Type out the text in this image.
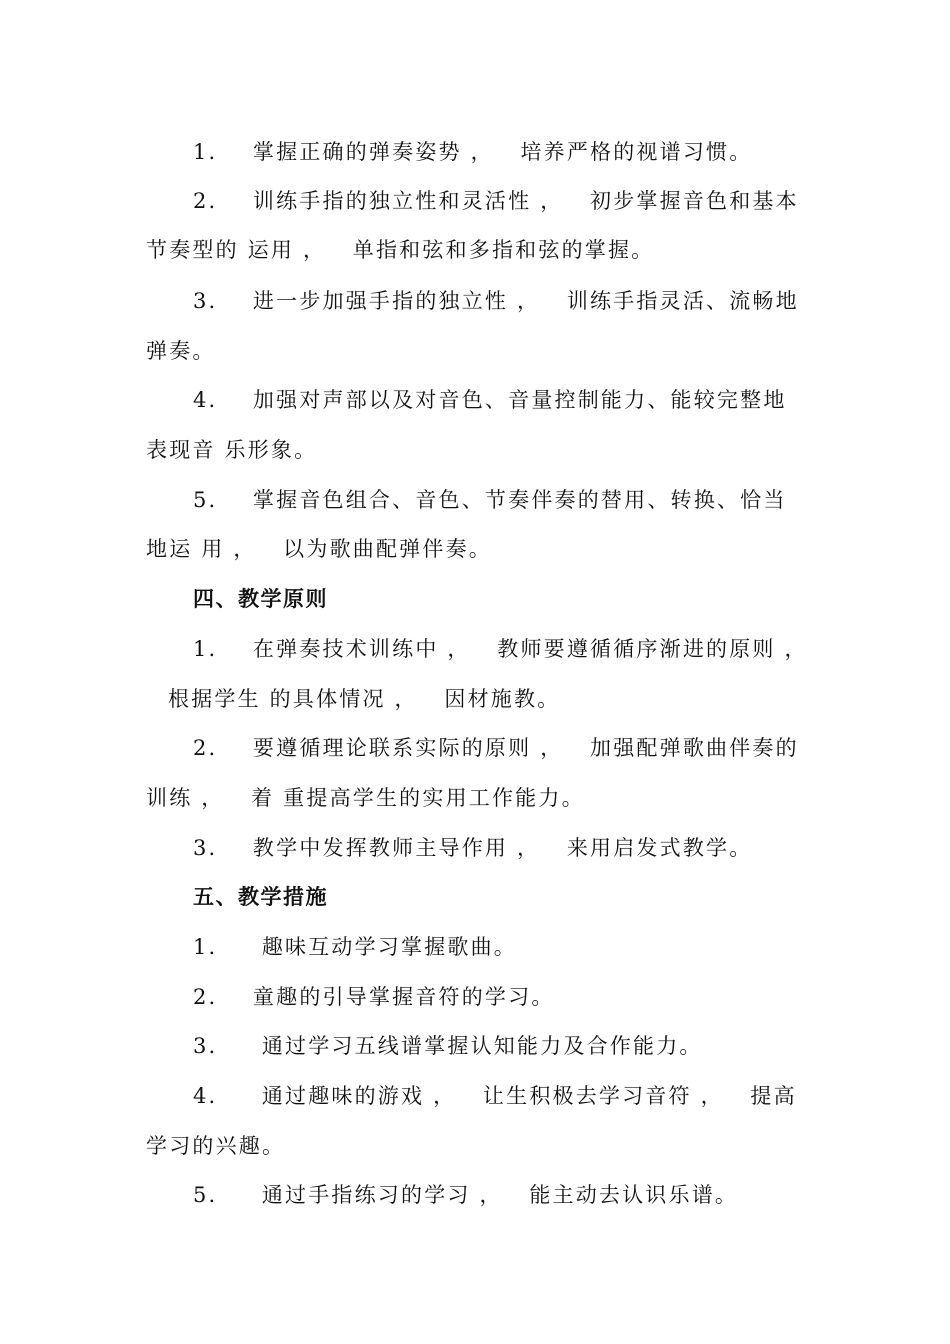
1.    掌握正确的弹奏姿势 ，   培养严格的视谱习惯。
2.    训练手指的独立性和灵活性 ，   初步掌握音色和基本
节奏型的 运用 ，   单指和弦和多指和弦的掌握。
3.    进一步加强手指的独立性 ，   训练手指灵活、流畅地
弹奏。
4.    加强对声部以及对音色、音量控制能力、能较完整地
表现音 乐形象。
5.    掌握音色组合、音色、节奏伴奏的替用、转换、恰当
地运 用 ，   以为歌曲配弹伴奏。
四、教学原则
1.    在弹奏技术训练中 ，   教师要遵循循序渐进的原则 ，
根据学生 的具体情况 ，   因材施教。
2.    要遵循理论联系实际的原则 ，   加强配弹歌曲伴奏的
训练 ，   着 重提高学生的实用工作能力。
3.    教学中发挥教师主导作用 ，   来用启发式教学。
五、教学措施
1.     趣味互动学习掌握歌曲。
2.    童趣的引导掌握音符的学习。
3.     通过学习五线谱掌握认知能力及合作能力。
4.     通过趣味的游戏 ，   让生积极去学习音符 ，   提高
学习的兴趣。
5.     通过手指练习的学习 ，   能主动去认识乐谱。
